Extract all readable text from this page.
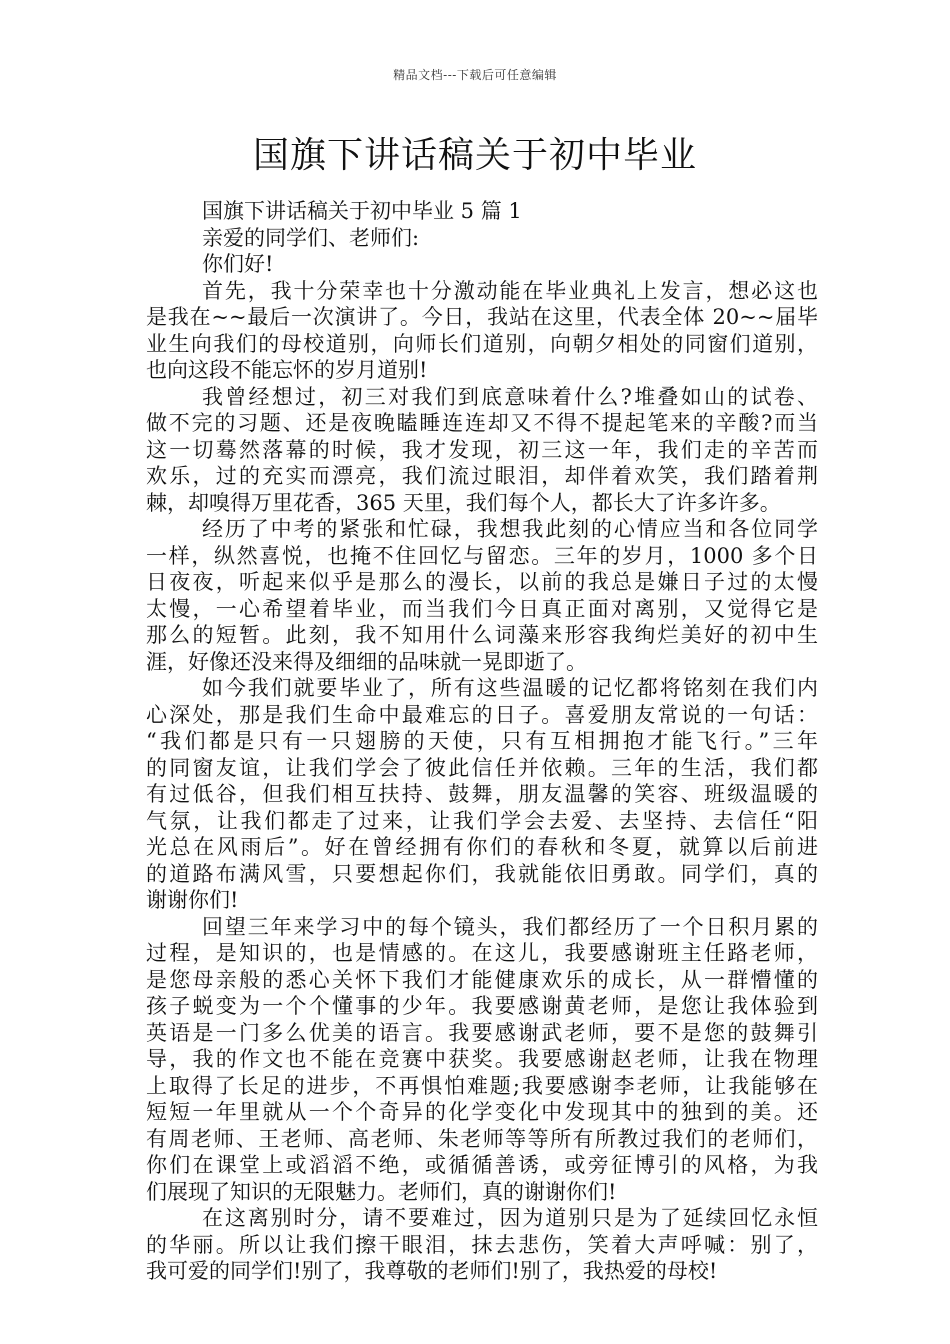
精品文档---下载后可任意编辑
国旗下讲话稿关于初中毕业
国旗下讲话稿关于初中毕业 5 篇 1
亲爱的同学们、老师们:
你们好!
首先，我十分荣幸也十分激动能在毕业典礼上发言，想必这也
是我在~~最后一次演讲了。今日，我站在这里，代表全体 20~~届毕
业生向我们的母校道别，向师长们道别，向朝夕相处的同窗们道别，
也向这段不能忘怀的岁月道别!
我曾经想过，初三对我们到底意味着什么?堆叠如山的试卷、
做不完的习题、还是夜晚瞌睡连连却又不得不提起笔来的辛酸?而当
这一切蓦然落幕的时候，我才发现，初三这一年，我们走的辛苦而
欢乐，过的充实而漂亮，我们流过眼泪，却伴着欢笑，我们踏着荆
棘，却嗅得万里花香，365 天里，我们每个人，都长大了许多许多。
经历了中考的紧张和忙碌，我想我此刻的心情应当和各位同学
一样，纵然喜悦，也掩不住回忆与留恋。三年的岁月，1000 多个日
日夜夜，听起来似乎是那么的漫长，以前的我总是嫌日子过的太慢
太慢，一心希望着毕业，而当我们今日真正面对离别，又觉得它是
那么的短暂。此刻，我不知用什么词藻来形容我绚烂美好的初中生
涯，好像还没来得及细细的品味就一晃即逝了。
如今我们就要毕业了，所有这些温暖的记忆都将铭刻在我们内
心深处，那是我们生命中最难忘的日子。喜爱朋友常说的一句话：
“我们都是只有一只翅膀的天使，只有互相拥抱才能飞行。”三年
的同窗友谊，让我们学会了彼此信任并依赖。三年的生活，我们都
有过低谷，但我们相互扶持、鼓舞，朋友温馨的笑容、班级温暖的
气氛，让我们都走了过来，让我们学会去爱、去坚持、去信任“阳
光总在风雨后”。好在曾经拥有你们的春秋和冬夏，就算以后前进
的道路布满风雪，只要想起你们，我就能依旧勇敢。同学们，真的
谢谢你们!
回望三年来学习中的每个镜头，我们都经历了一个日积月累的
过程，是知识的，也是情感的。在这儿，我要感谢班主任路老师，
是您母亲般的悉心关怀下我们才能健康欢乐的成长，从一群懵懂的
孩子蜕变为一个个懂事的少年。我要感谢黄老师，是您让我体验到
英语是一门多么优美的语言。我要感谢武老师，要不是您的鼓舞引
导，我的作文也不能在竞赛中获奖。我要感谢赵老师，让我在物理
上取得了长足的进步，不再惧怕难题;我要感谢李老师，让我能够在
短短一年里就从一个个奇异的化学变化中发现其中的独到的美。还
有周老师、王老师、高老师、朱老师等等所有所教过我们的老师们，
你们在课堂上或滔滔不绝，或循循善诱，或旁征博引的风格，为我
们展现了知识的无限魅力。老师们，真的谢谢你们!
在这离别时分，请不要难过，因为道别只是为了延续回忆永恒
的华丽。所以让我们擦干眼泪，抹去悲伤，笑着大声呼喊：别了，
我可爱的同学们!别了，我尊敬的老师们!别了，我热爱的母校!
